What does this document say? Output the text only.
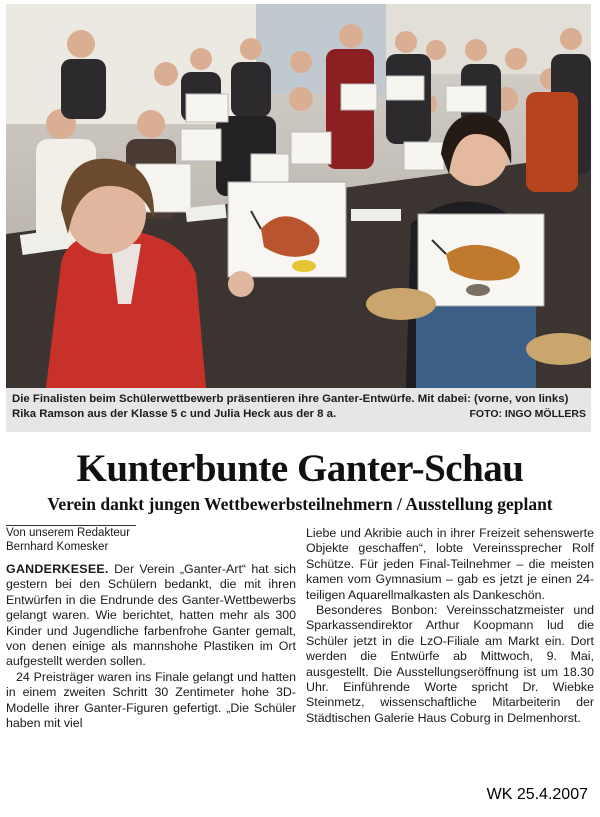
Die Finalisten beim Schülerwettbewerb präsentieren ihre Ganter-Entwürfe. Mit dabei: (vorne, von links) Rika Ramson aus der Klasse 5 c und Julia Heck aus der 8 a.	FOTO: INGO MÖLLERS
Kunterbunte Ganter-Schau
Verein dankt jungen Wettbewerbsteilnehmern / Ausstellung geplant

Von unserem Redakteur
Bernhard Komesker

GANDERKESEE. Der Verein „Ganter-Art“ hat sich gestern bei den Schülern bedankt, die mit ihren Entwürfen in die Endrunde des Ganter-Wettbewerbs gelangt waren. Wie berichtet, hatten mehr als 300 Kinder und Jugendliche farbenfrohe Ganter gemalt, von denen einige als mannshohe Plastiken im Ort aufgestellt werden sollen.

24 Preisträger waren ins Finale gelangt und hatten in einem zweiten Schritt 30 Zentimeter hohe 3D-Modelle ihrer Ganter-Figuren gefertigt. „Die Schüler haben mit viel

Liebe und Akribie auch in ihrer Freizeit sehenswerte Objekte geschaffen“, lobte Vereinssprecher Rolf Schütze. Für jeden Final-Teilnehmer – die meisten kamen vom Gymnasium – gab es jetzt je einen 24-teiligen Aquarellmalkasten als Dankeschön.

Besonderes Bonbon: Vereinsschatzmeister und Sparkassendirektor Arthur Koopmann lud die Schüler jetzt in die LzO-Filiale am Markt ein. Dort werden die Entwürfe ab Mittwoch, 9. Mai, ausgestellt. Die Ausstellungseröffnung ist um 18.30 Uhr. Einführende Worte spricht Dr. Wiebke Steinmetz, wissenschaftliche Mitarbeiterin der Städtischen Galerie Haus Coburg in Delmenhorst.

WK 25.4.2007
